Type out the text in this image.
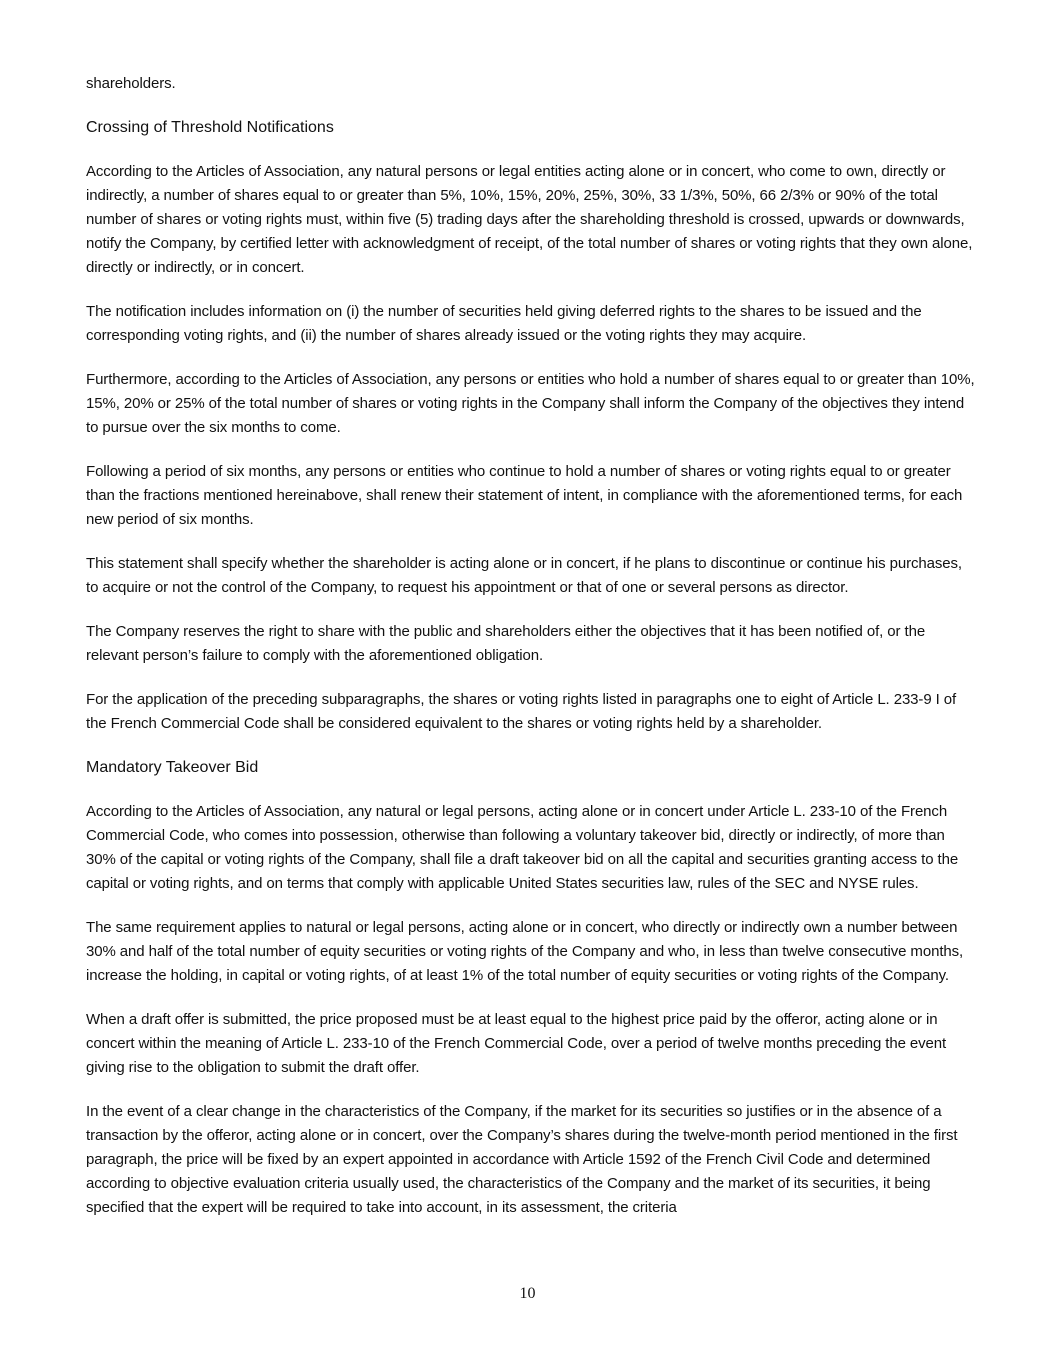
shareholders.

Crossing of Threshold Notifications

According to the Articles of Association, any natural persons or legal entities acting alone or in concert, who come to own, directly or indirectly, a number of shares equal to or greater than 5%, 10%, 15%, 20%, 25%, 30%, 33 1/3%, 50%, 66 2/3% or 90% of the total number of shares or voting rights must, within five (5) trading days after the shareholding threshold is crossed, upwards or downwards, notify the Company, by certified letter with acknowledgment of receipt, of the total number of shares or voting rights that they own alone, directly or indirectly, or in concert.

The notification includes information on (i) the number of securities held giving deferred rights to the shares to be issued and the corresponding voting rights, and (ii) the number of shares already issued or the voting rights they may acquire.

Furthermore, according to the Articles of Association, any persons or entities who hold a number of shares equal to or greater than 10%, 15%, 20% or 25% of the total number of shares or voting rights in the Company shall inform the Company of the objectives they intend to pursue over the six months to come.

Following a period of six months, any persons or entities who continue to hold a number of shares or voting rights equal to or greater than the fractions mentioned hereinabove, shall renew their statement of intent, in compliance with the aforementioned terms, for each new period of six months.

This statement shall specify whether the shareholder is acting alone or in concert, if he plans to discontinue or continue his purchases, to acquire or not the control of the Company, to request his appointment or that of one or several persons as director.

The Company reserves the right to share with the public and shareholders either the objectives that it has been notified of, or the relevant person’s failure to comply with the aforementioned obligation.

For the application of the preceding subparagraphs, the shares or voting rights listed in paragraphs one to eight of Article L. 233-9 I of the French Commercial Code shall be considered equivalent to the shares or voting rights held by a shareholder.

Mandatory Takeover Bid

According to the Articles of Association, any natural or legal persons, acting alone or in concert under Article L. 233-10 of the French Commercial Code, who comes into possession, otherwise than following a voluntary takeover bid, directly or indirectly, of more than 30% of the capital or voting rights of the Company, shall file a draft takeover bid on all the capital and securities granting access to the capital or voting rights, and on terms that comply with applicable United States securities law, rules of the SEC and NYSE rules.

The same requirement applies to natural or legal persons, acting alone or in concert, who directly or indirectly own a number between 30% and half of the total number of equity securities or voting rights of the Company and who, in less than twelve consecutive months, increase the holding, in capital or voting rights, of at least 1% of the total number of equity securities or voting rights of the Company.

When a draft offer is submitted, the price proposed must be at least equal to the highest price paid by the offeror, acting alone or in concert within the meaning of Article L. 233-10 of the French Commercial Code, over a period of twelve months preceding the event giving rise to the obligation to submit the draft offer.

In the event of a clear change in the characteristics of the Company, if the market for its securities so justifies or in the absence of a transaction by the offeror, acting alone or in concert, over the Company’s shares during the twelve-month period mentioned in the first paragraph, the price will be fixed by an expert appointed in accordance with Article 1592 of the French Civil Code and determined according to objective evaluation criteria usually used, the characteristics of the Company and the market of its securities, it being specified that the expert will be required to take into account, in its assessment, the criteria

10
